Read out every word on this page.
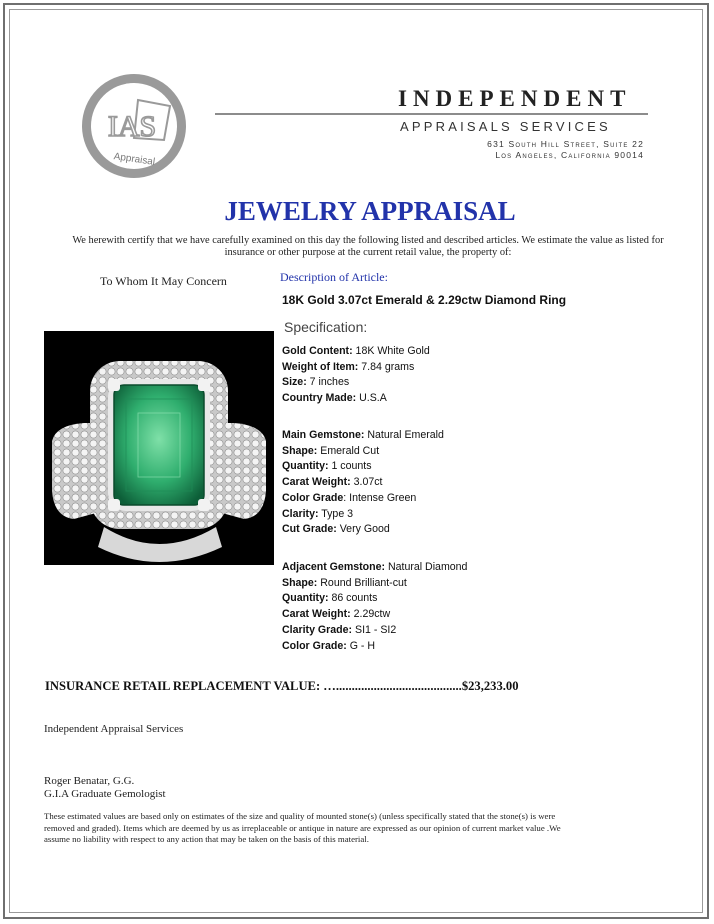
IAS
Appraisal
INDEPENDENT
APPRAISALS SERVICES
631 South Hill Street, Suite 22
Los Angeles, California 90014
JEWELRY APPRAISAL
We herewith certify that we have carefully examined on this day the following listed and described articles. We estimate the value as listed for insurance or other purpose at the current retail value, the property of:
To Whom It May Concern	Description of Article:
18K Gold 3.07ct Emerald & 2.29ctw Diamond Ring
Specification:
Gold Content: 18K White Gold
Weight of Item: 7.84 grams
Size: 7 inches
Country Made: U.S.A
Main Gemstone: Natural Emerald
Shape: Emerald Cut
Quantity: 1 counts
Carat Weight: 3.07ct
Color Grade: Intense Green
Clarity: Type 3
Cut Grade: Very Good
Adjacent Gemstone: Natural Diamond
Shape: Round Brilliant-cut
Quantity: 86 counts
Carat Weight: 2.29ctw
Clarity Grade: SI1 - SI2
Color Grade: G - H
INSURANCE RETAIL REPLACEMENT VALUE: …........................................$23,233.00
Independent Appraisal Services
Roger Benatar, G.G.
G.I.A Graduate Gemologist
These estimated values are based only on estimates of the size and quality of mounted stone(s) (unless specifically stated that the stone(s) is were removed and graded). Items which are deemed by us as irreplaceable or antique in nature are expressed as our opinion of current market value .We assume no liability with respect to any action that may be taken on the basis of this material.
